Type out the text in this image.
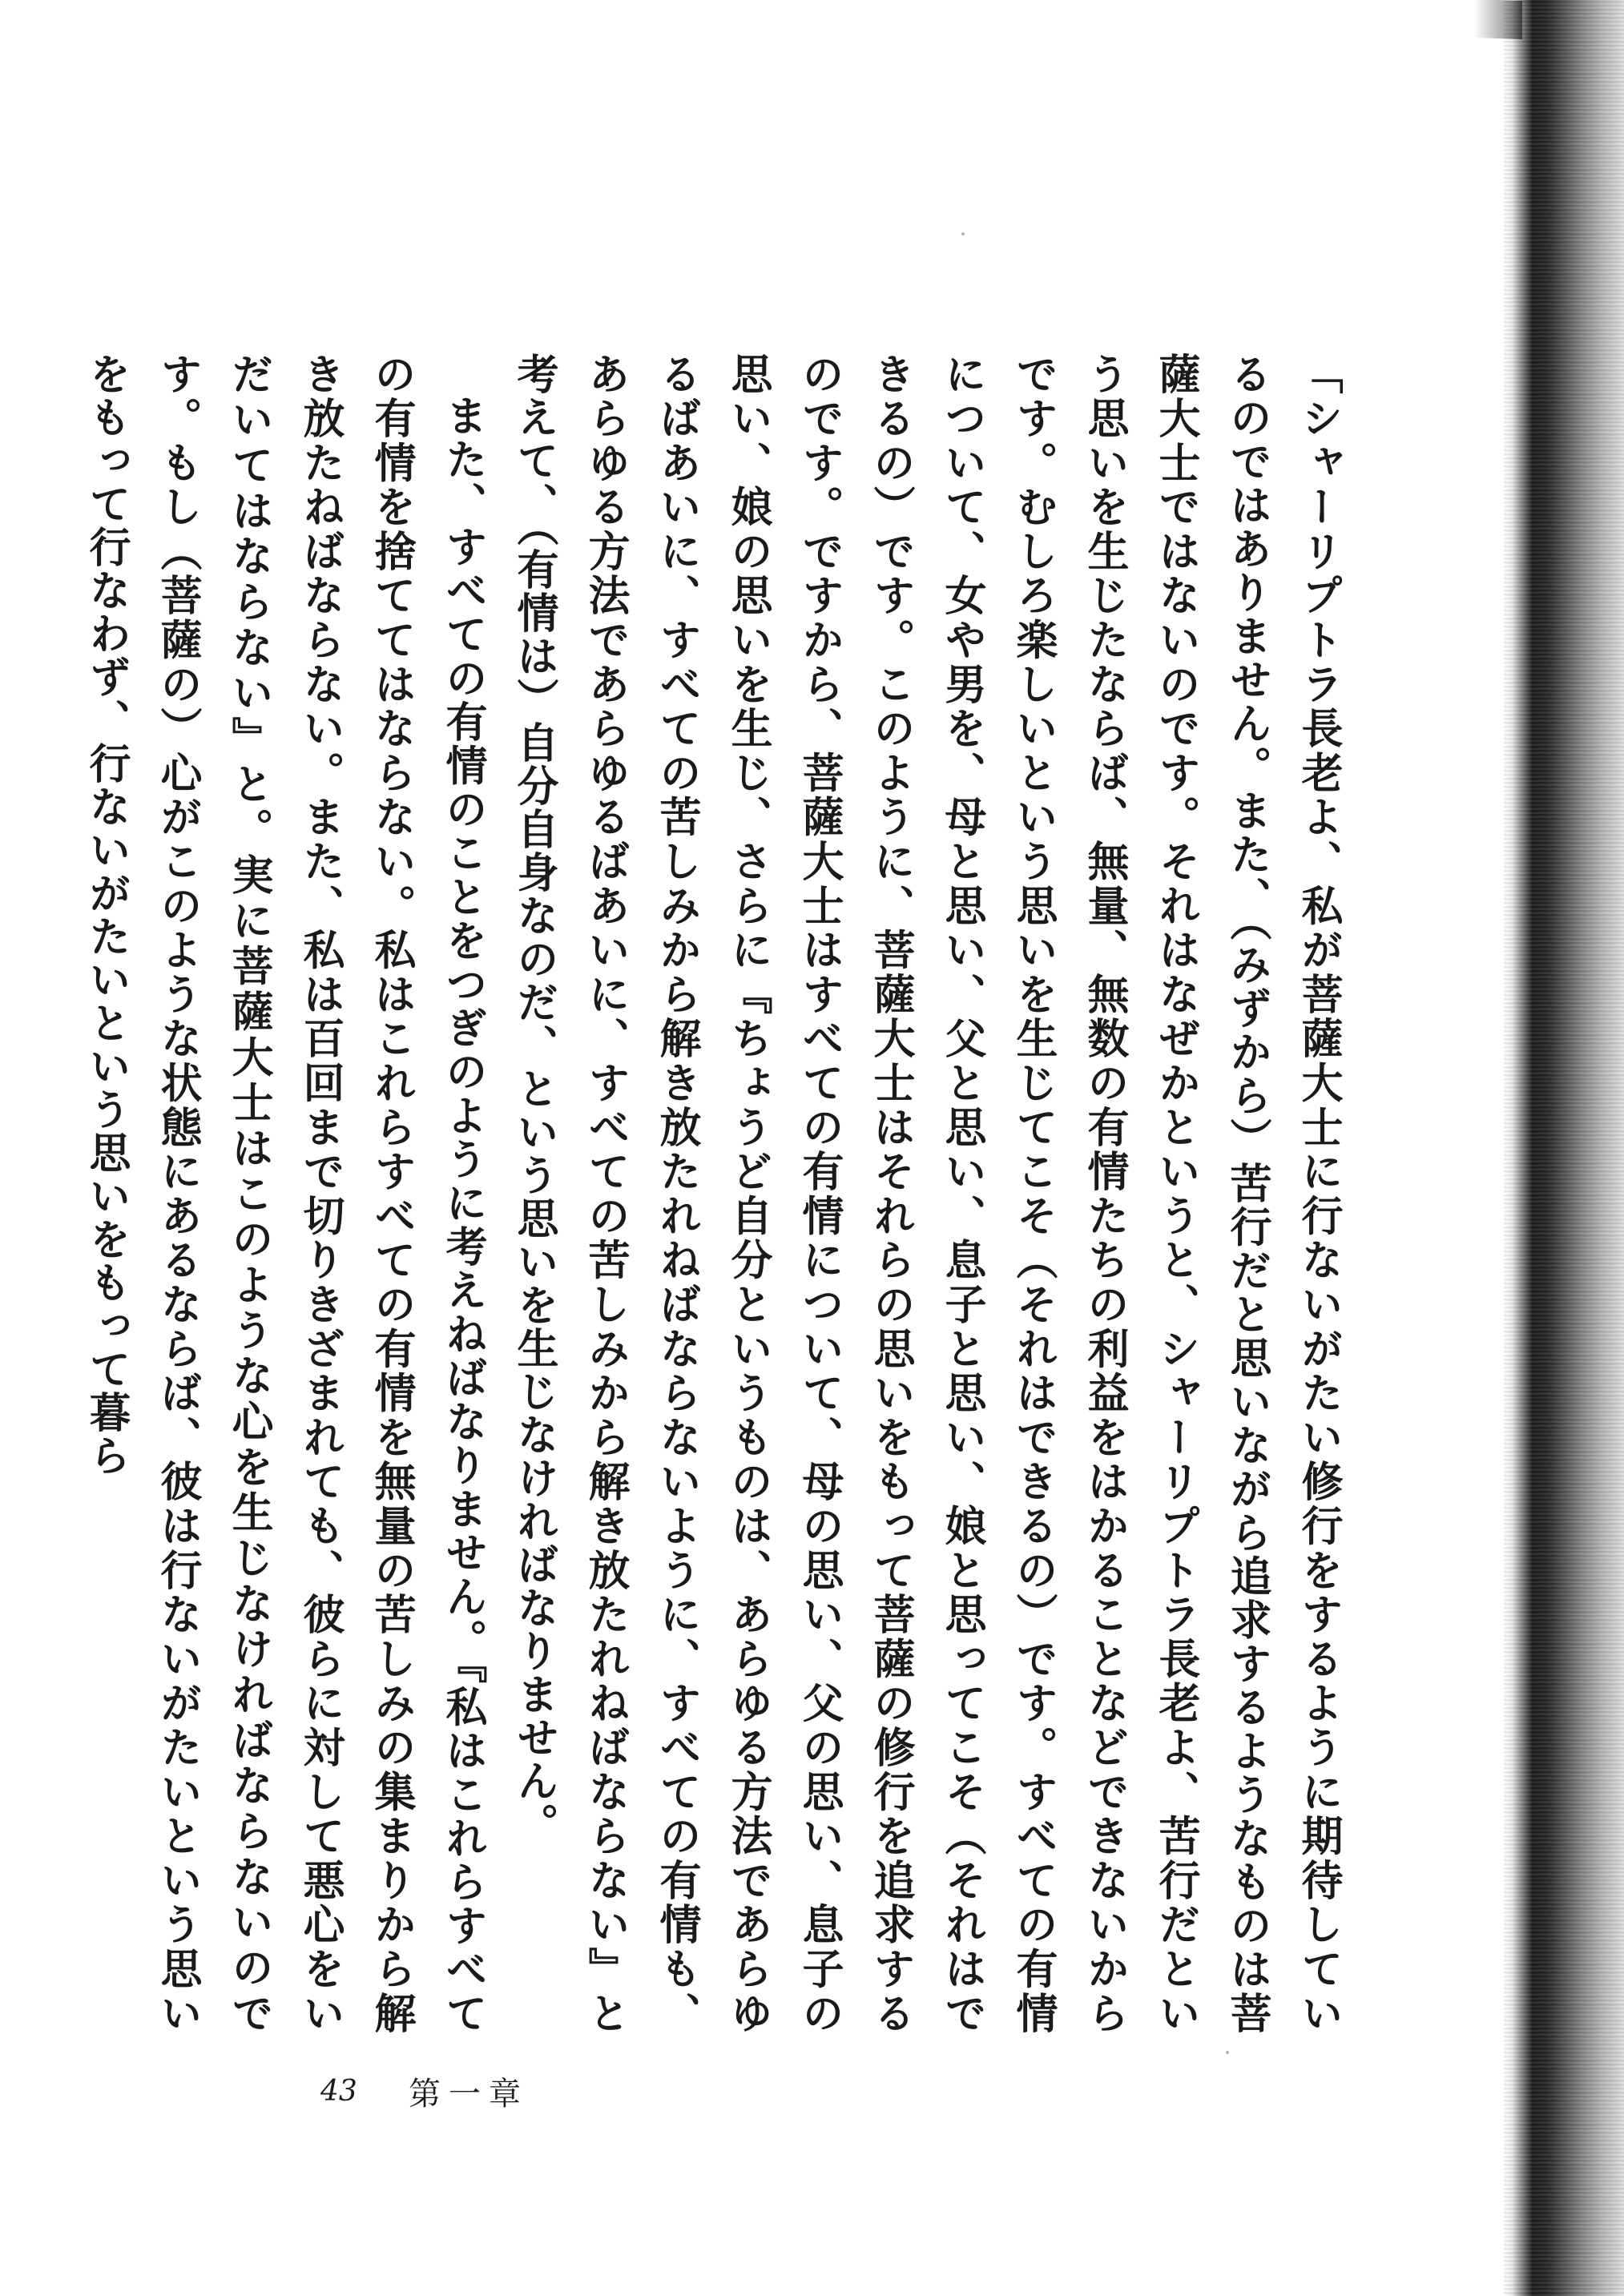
「シャーリプトラ長老よ、私が菩薩大士に行ないがたい修行をするように期待しているのではありません。また、（みずから）苦行だと思いながら追求するようなものは菩薩大士ではないのです。それはなぜかというと、シャーリプトラ長老よ、苦行だという思いを生じたならば、無量、無数の有情たちの利益をはかることなどできないからです。むしろ楽しいという思いを生じてこそ（それはできるの）です。すべての有情について、女や男を、母と思い、父と思い、息子と思い、娘と思ってこそ（それはできるの）です。このように、菩薩大士はそれらの思いをもって菩薩の修行を追求するのです。ですから、菩薩大士はすべての有情について、母の思い、父の思い、息子の思い、娘の思いを生じ、さらに『ちょうど自分というものは、あらゆる方法であらゆるばあいに、すべての苦しみから解き放たれねばならないように、すべての有情も、あらゆる方法であらゆるばあいに、すべての苦しみから解き放たれねばならない』と考えて、（有情は）自分自身なのだ、という思いを生じなければなりません。

また、すべての有情のことをつぎのように考えねばなりません。『私はこれらすべての有情を捨ててはならない。私はこれらすべての有情を無量の苦しみの集まりから解き放たねばならない。また、私は百回まで切りきざまれても、彼らに対して悪心をいだいてはならない』と。実に菩薩大士はこのような心を生じなければならないのです。もし（菩薩の）心がこのような状態にあるならば、彼は行ないがたいという思いをもって行なわず、行ないがたいという思いをもって暮ら

43	第一章
